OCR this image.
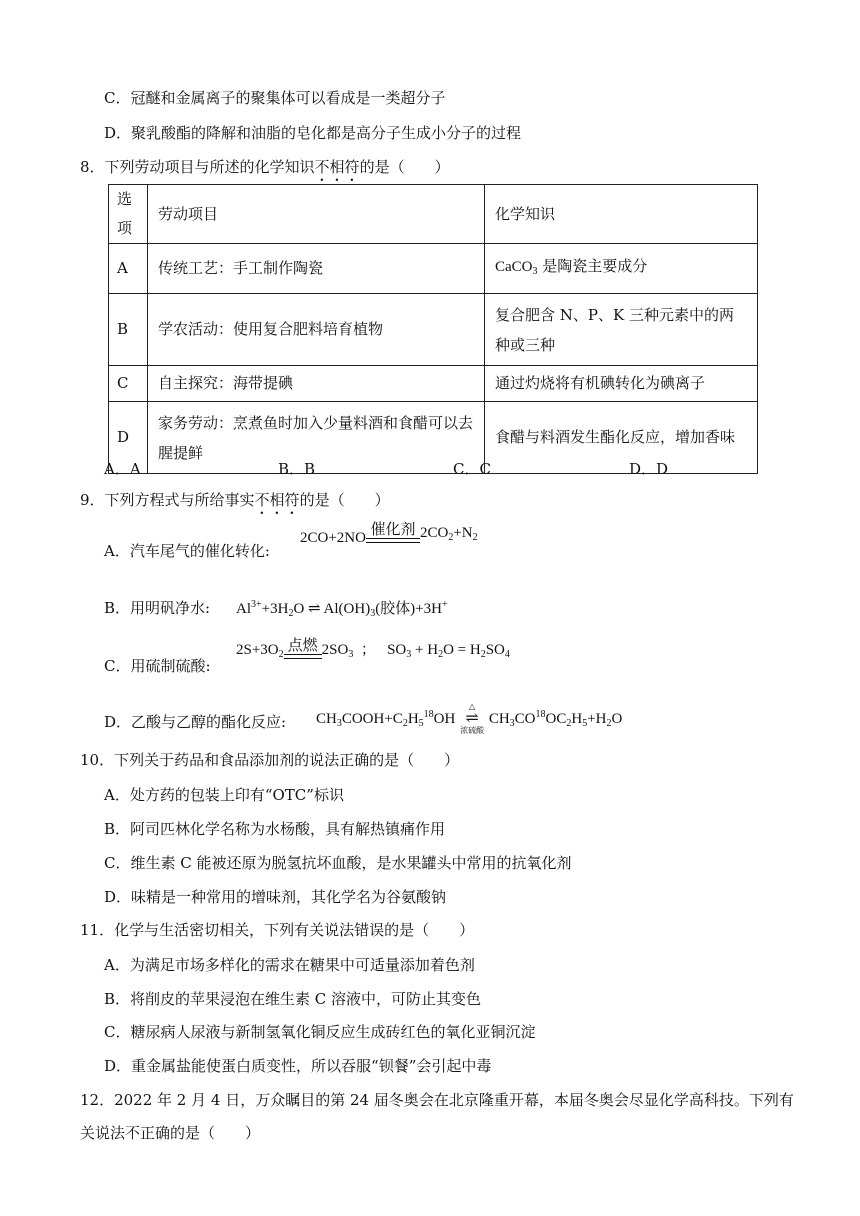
C．冠醚和金属离子的聚集体可以看成是一类超分子
D．聚乳酸酯的降解和油脂的皂化都是高分子生成小分子的过程
8．下列劳动项目与所述的化学知识不相符的是（　　）
选项	劳动项目	化学知识
A	传统工艺：手工制作陶瓷	CaCO$_3$ 是陶瓷主要成分
B	学农活动：使用复合肥料培育植物	复合肥含 N、P、K 三种元素中的两种或三种
C	自主探究：海带提碘	通过灼烧将有机碘转化为碘离子
D	家务劳动：烹煮鱼时加入少量料酒和食醋可以去腥提鲜	食醋与料酒发生酯化反应，增加香味
A．A	B．B	C．C	D．D
9．下列方程式与所给事实不相符的是（　　）
A．汽车尾气的催化转化:
2CO+2NO 催化剂 $2CO_2+N_2$
B．用明矾净水: $Al^{3+}+3H_2O$ ⇌ $Al(OH)_3$(胶体)+3H+
C．用硫制硫酸:
$2S+3O_2$
点燃 $2SO_3$  ；   $SO_3 + H_2O = H_2SO_4$
D．乙酸与乙醇的酯化反应: $CH_3COOH+C_2H_5^{18}OH$
△
⇌
浓硫酸
$CH_3CO^{18}OC_2H_5+H_2O$
10．下列关于药品和食品添加剂的说法正确的是（　　）
A．处方药的包装上印有“OTC”标识
B．阿司匹林化学名称为水杨酸，具有解热镇痛作用
C．维生素 C 能被还原为脱氢抗坏血酸，是水果罐头中常用的抗氧化剂
D．味精是一种常用的增味剂，其化学名为谷氨酸钠
11．化学与生活密切相关，下列有关说法错误的是（　　）
A．为满足市场多样化的需求在糖果中可适量添加着色剂
B．将削皮的苹果浸泡在维生素 C 溶液中，可防止其变色
C．糖尿病人尿液与新制氢氧化铜反应生成砖红色的氧化亚铜沉淀
D．重金属盐能使蛋白质变性，所以吞服“钡餐”会引起中毒
12．2022 年 2 月 4 日，万众瞩目的第 24 届冬奥会在北京隆重开幕，本届冬奥会尽显化学高科技。下列有
关说法不正确的是（　　）
